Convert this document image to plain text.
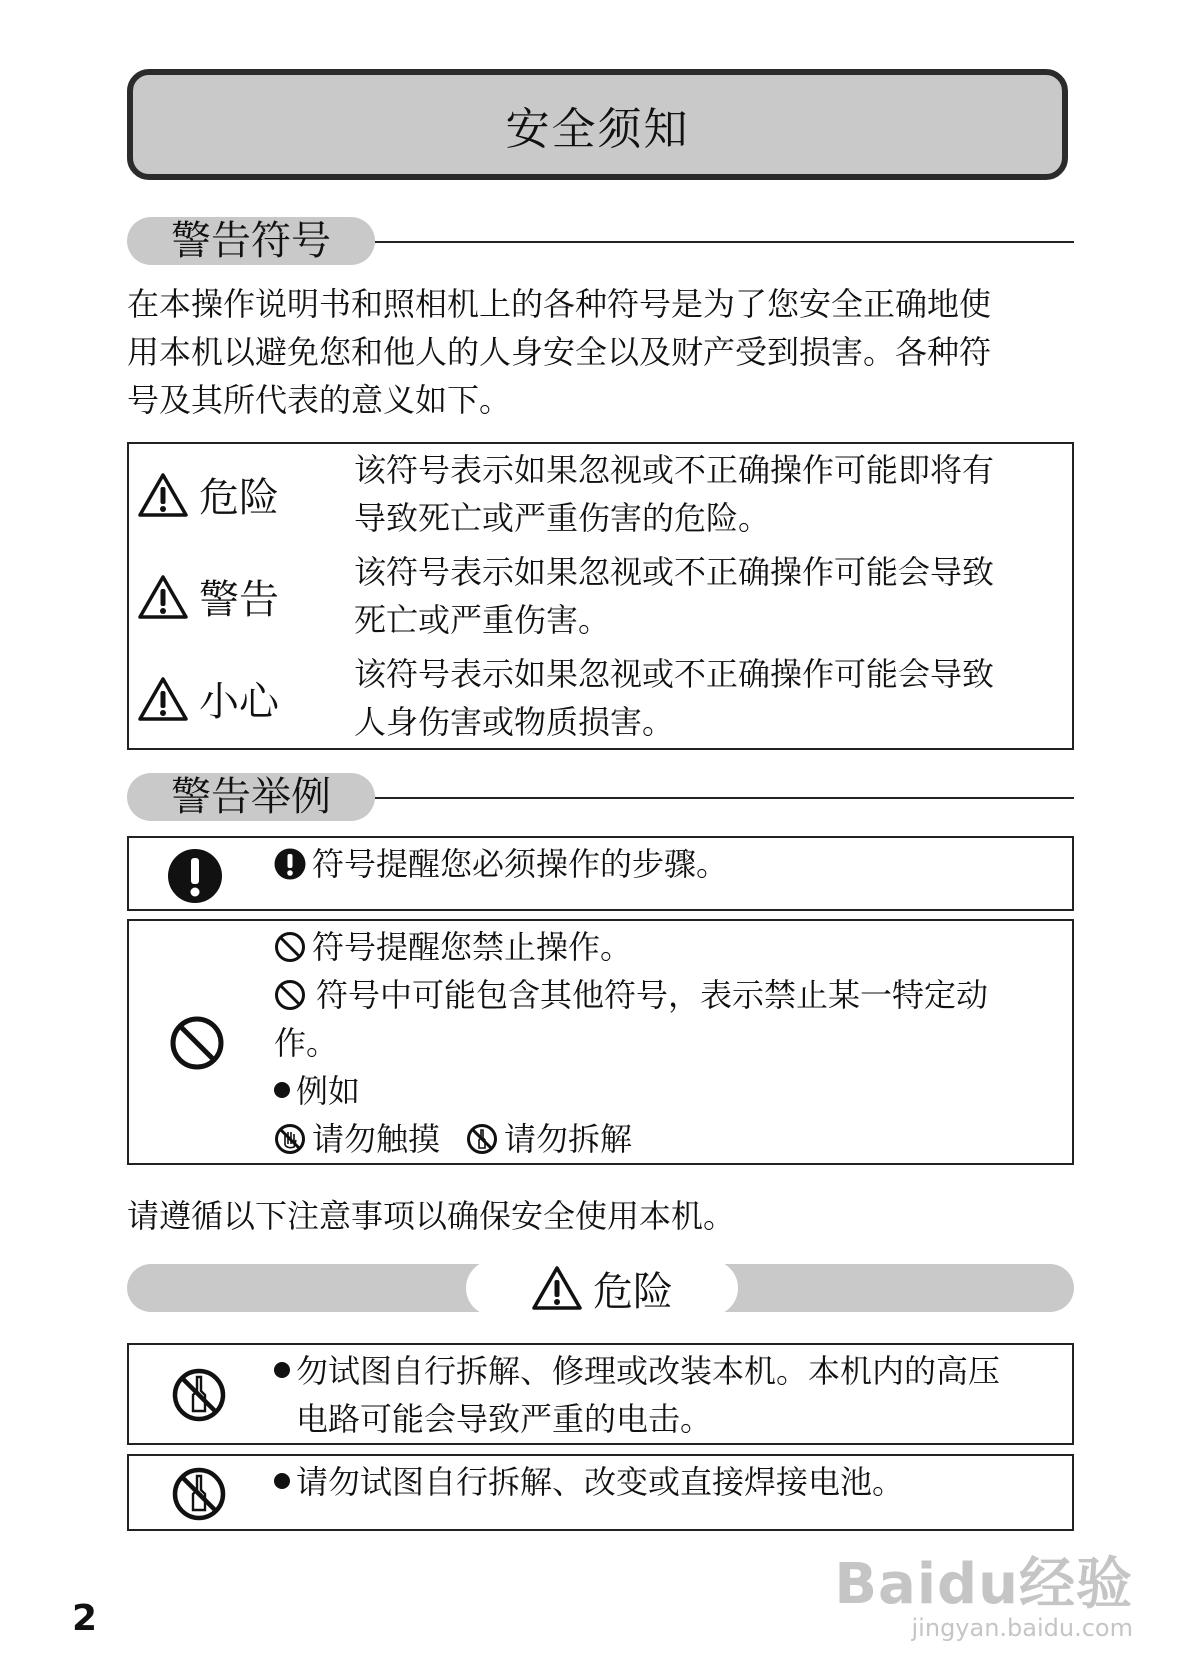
安全须知
警告符号
在本操作说明书和照相机上的各种符号是为了您安全正确地使
用本机以避免您和他人的人身安全以及财产受到损害。各种符
号及其所代表的意义如下。
危险
该符号表示如果忽视或不正确操作可能即将有
导致死亡或严重伤害的危险。
警告
该符号表示如果忽视或不正确操作可能会导致
死亡或严重伤害。
小心
该符号表示如果忽视或不正确操作可能会导致
人身伤害或物质损害。
警告举例
符号提醒您必须操作的步骤。
符号提醒您禁止操作。
符号中可能包含其他符号，表示禁止某一特定动
作。
例如
请勿触摸 请勿拆解
请遵循以下注意事项以确保安全使用本机。
危险
勿试图自行拆解、修理或改装本机。本机内的高压
电路可能会导致严重的电击。
请勿试图自行拆解、改变或直接焊接电池。
2
Baidu经验
jingyan.baidu.com
